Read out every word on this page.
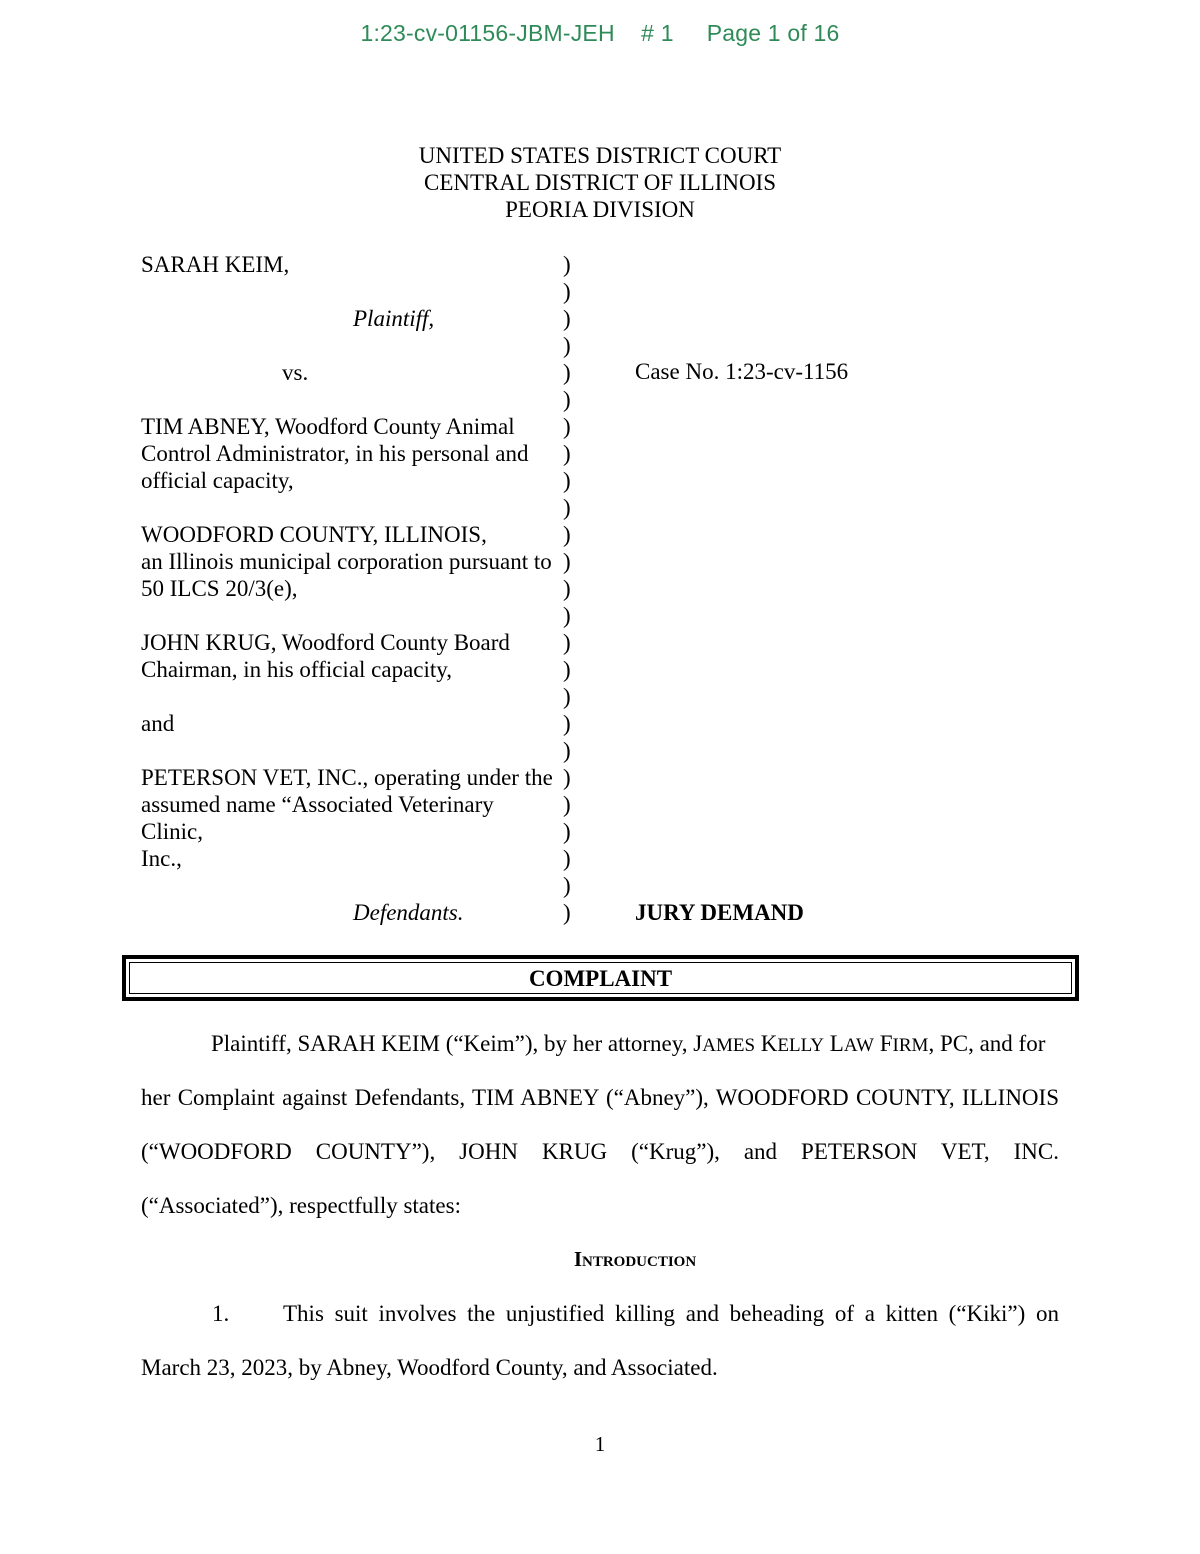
1:23-cv-01156-JBM-JEH # 1 Page 1 of 16
UNITED STATES DISTRICT COURT
CENTRAL DISTRICT OF ILLINOIS
PEORIA DIVISION
SARAH KEIM,
Plaintiff,
vs.
TIM ABNEY, Woodford County Animal
Control Administrator, in his personal and
official capacity,
WOODFORD COUNTY, ILLINOIS,
an Illinois municipal corporation pursuant to
50 ILCS 20/3(e),
JOHN KRUG, Woodford County Board
Chairman, in his official capacity,
and
PETERSON VET, INC., operating under the
assumed name “Associated Veterinary
Clinic,
Inc.,
Defendants.
)
)
)
)
)
)
)
)
)
)
)
)
)
)
)
)
)
)
)
)
)
)
)
)
)
Case No. 1:23-cv-1156
JURY DEMAND
COMPLAINT
Plaintiff, SARAH KEIM (“Keim”), by her attorney, JAMES KELLY LAW FIRM, PC, and for
her Complaint against Defendants, TIM ABNEY (“Abney”), WOODFORD COUNTY, ILLINOIS
(“WOODFORD COUNTY”), JOHN KRUG (“Krug”), and PETERSON VET, INC.
(“Associated”), respectfully states:
Introduction
1.	This suit involves the unjustified killing and beheading of a kitten (“Kiki”) on
March 23, 2023, by Abney, Woodford County, and Associated.
1
